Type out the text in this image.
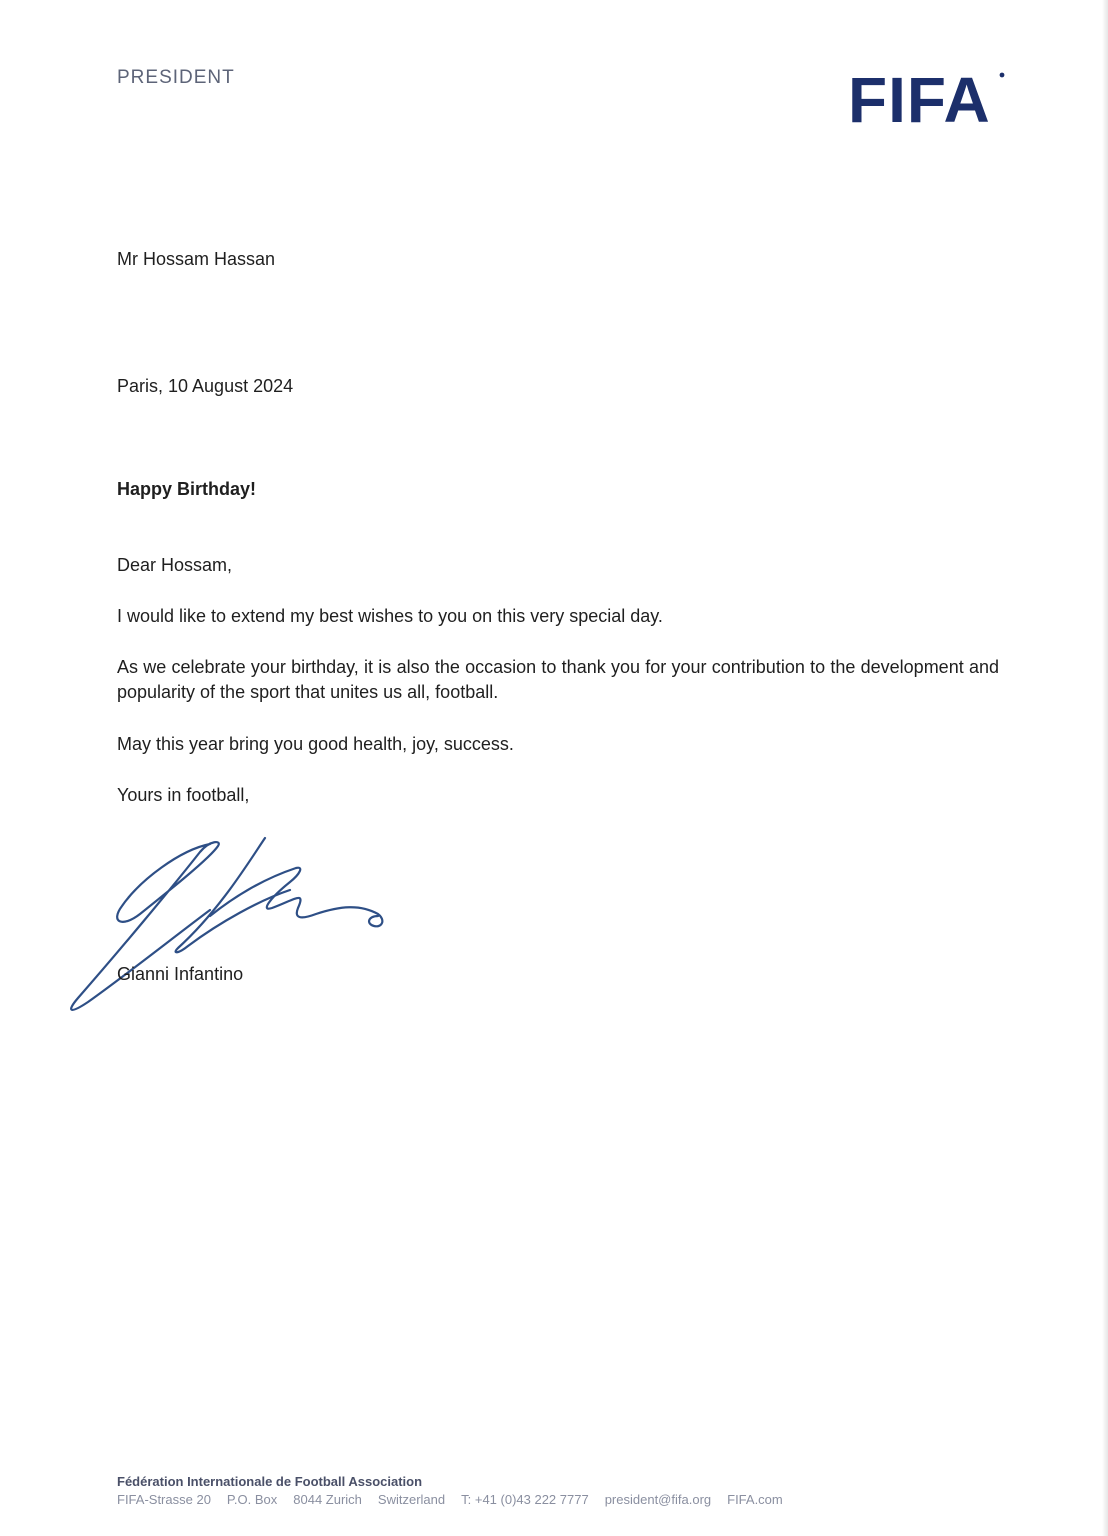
PRESIDENT	FIFA
Mr Hossam Hassan
Paris, 10 August 2024
Happy Birthday!
Dear Hossam,
I would like to extend my best wishes to you on this very special day.
As we celebrate your birthday, it is also the occasion to thank you for your contribution to the development and popularity of the sport that unites us all, football.
May this year bring you good health, joy, success.
Yours in football,
Gianni Infantino
Fédération Internationale de Football Association
FIFA-Strasse 20 P.O. Box 8044 Zurich Switzerland T: +41 (0)43 222 7777 president@fifa.org FIFA.com
